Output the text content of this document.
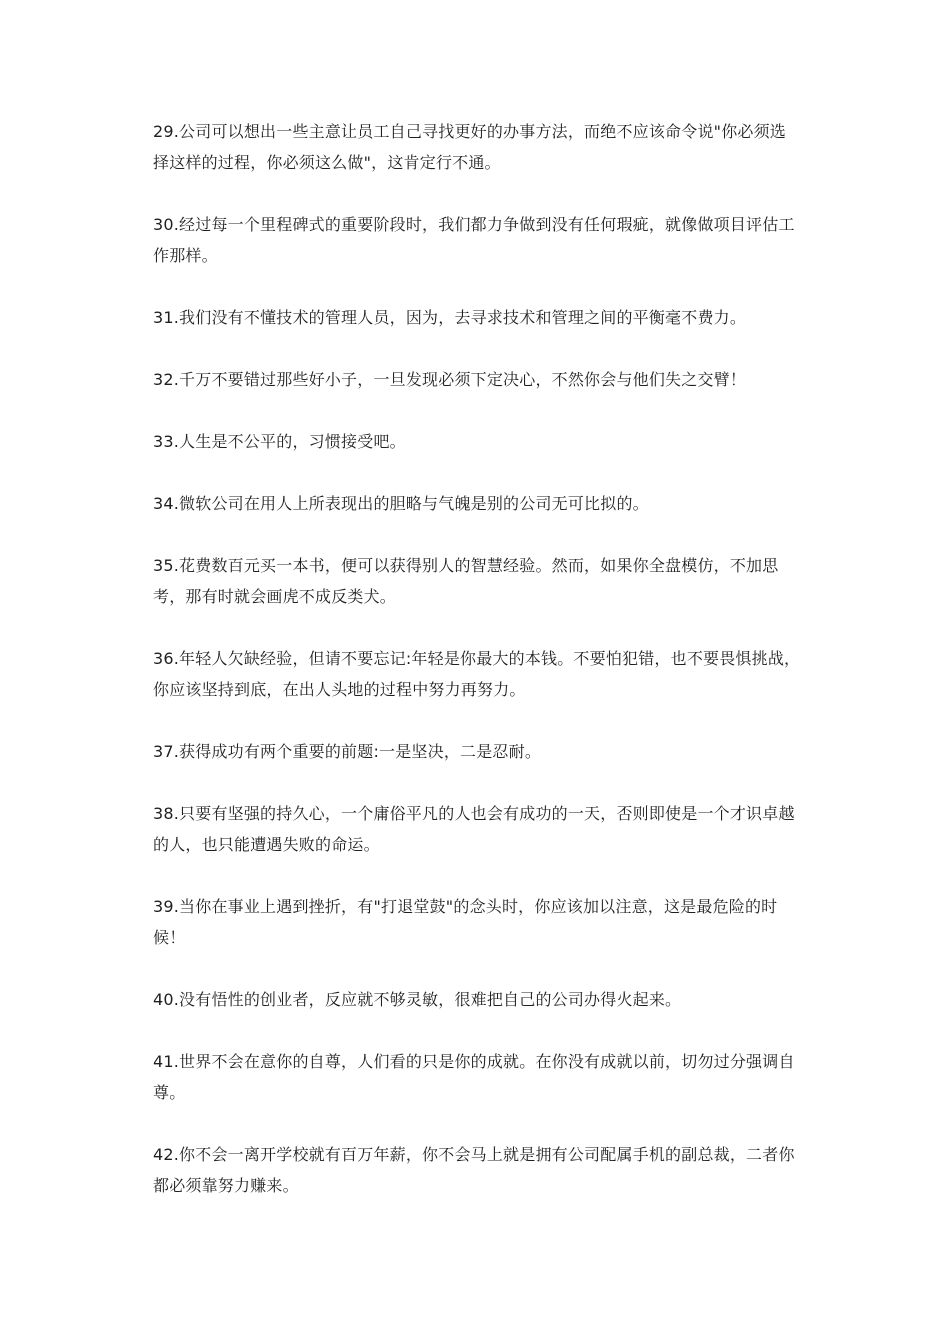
29.公司可以想出一些主意让员工自己寻找更好的办事方法，而绝不应该命令说"你必须选择这样的过程，你必须这么做"，这肯定行不通。

30.经过每一个里程碑式的重要阶段时，我们都力争做到没有任何瑕疵，就像做项目评估工作那样。

31.我们没有不懂技术的管理人员，因为，去寻求技术和管理之间的平衡毫不费力。

32.千万不要错过那些好小子，一旦发现必须下定决心，不然你会与他们失之交臂！

33.人生是不公平的，习惯接受吧。

34.微软公司在用人上所表现出的胆略与气魄是别的公司无可比拟的。

35.花费数百元买一本书，便可以获得别人的智慧经验。然而，如果你全盘模仿，不加思考，那有时就会画虎不成反类犬。

36.年轻人欠缺经验，但请不要忘记:年轻是你最大的本钱。不要怕犯错，也不要畏惧挑战，你应该坚持到底，在出人头地的过程中努力再努力。

37.获得成功有两个重要的前题:一是坚决，二是忍耐。

38.只要有坚强的持久心，一个庸俗平凡的人也会有成功的一天，否则即使是一个才识卓越的人，也只能遭遇失败的命运。

39.当你在事业上遇到挫折，有"打退堂鼓"的念头时，你应该加以注意，这是最危险的时候！

40.没有悟性的创业者，反应就不够灵敏，很难把自己的公司办得火起来。

41.世界不会在意你的自尊，人们看的只是你的成就。在你没有成就以前，切勿过分强调自尊。

42.你不会一离开学校就有百万年薪，你不会马上就是拥有公司配属手机的副总裁，二者你都必须靠努力赚来。
